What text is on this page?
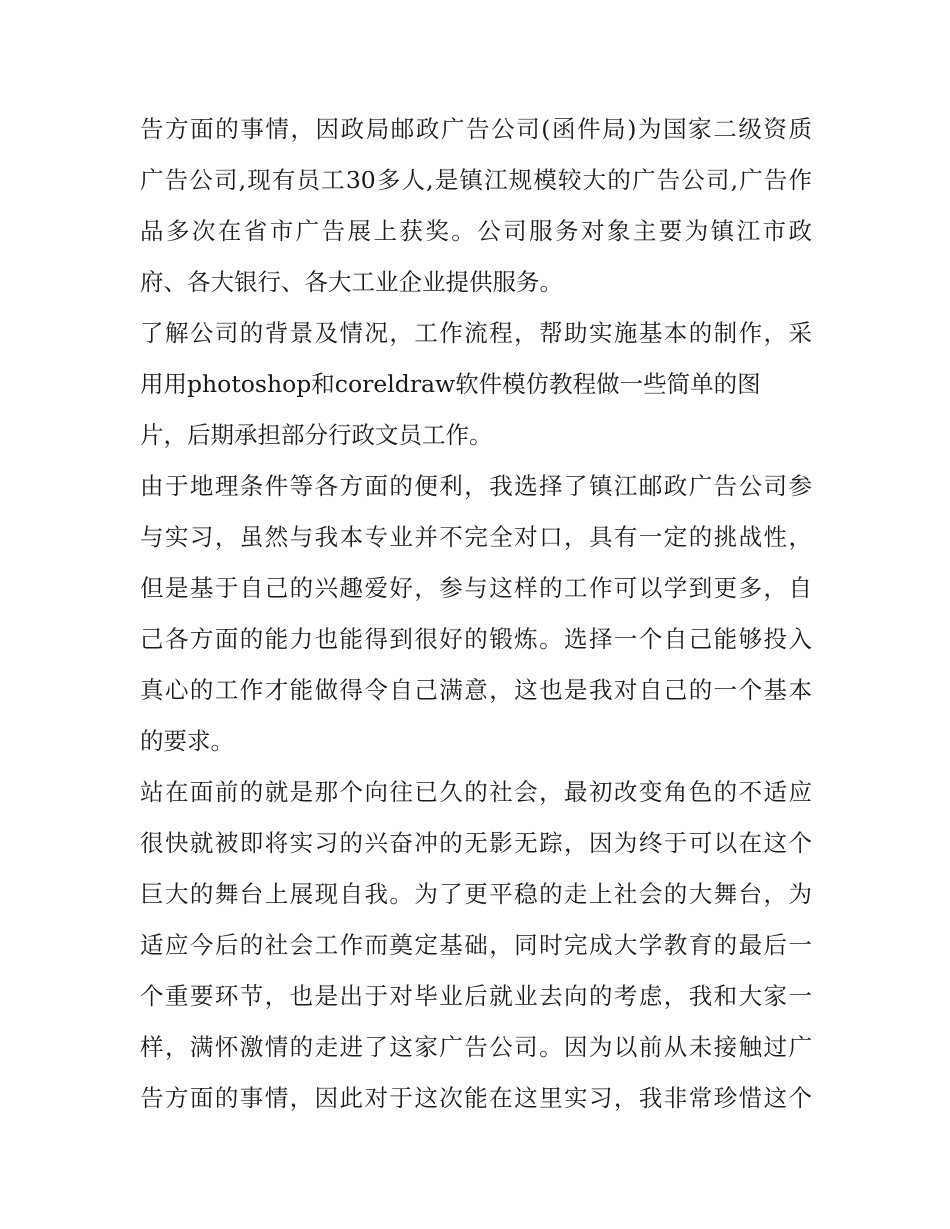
告方面的事情，因政局邮政广告公司(函件局)为国家二级资质
广告公司,现有员工30多人,是镇江规模较大的广告公司,广告作
品多次在省市广告展上获奖。公司服务对象主要为镇江市政
府、各大银行、各大工业企业提供服务。
了解公司的背景及情况，工作流程，帮助实施基本的制作，采
用用photoshop和coreldraw软件模仿教程做一些简单的图
片，后期承担部分行政文员工作。
由于地理条件等各方面的便利，我选择了镇江邮政广告公司参
与实习，虽然与我本专业并不完全对口，具有一定的挑战性，
但是基于自己的兴趣爱好，参与这样的工作可以学到更多，自
己各方面的能力也能得到很好的锻炼。选择一个自己能够投入
真心的工作才能做得令自己满意，这也是我对自己的一个基本
的要求。
站在面前的就是那个向往已久的社会，最初改变角色的不适应
很快就被即将实习的兴奋冲的无影无踪，因为终于可以在这个
巨大的舞台上展现自我。为了更平稳的走上社会的大舞台，为
适应今后的社会工作而奠定基础，同时完成大学教育的最后一
个重要环节，也是出于对毕业后就业去向的考虑，我和大家一
样，满怀激情的走进了这家广告公司。因为以前从未接触过广
告方面的事情，因此对于这次能在这里实习，我非常珍惜这个
